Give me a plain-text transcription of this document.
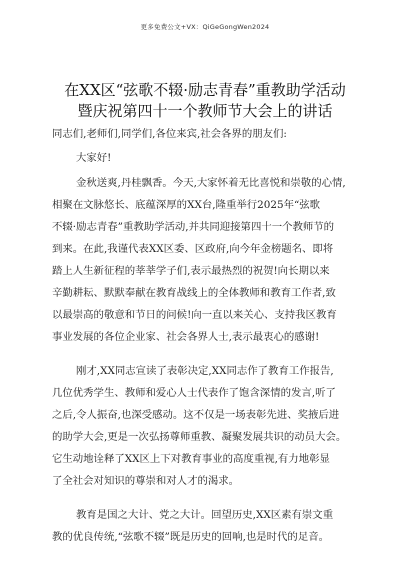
更多免费公文+VX：QiGeGongWen2024
在XX区“弦歌不辍·励志青春”重教助学活动
暨庆祝第四十一个教师节大会上的讲话
同志们,老师们,同学们,各位来宾,社会各界的朋友们:
大家好!
金秋送爽,丹桂飘香。今天,大家怀着无比喜悦和崇敬的心情,
相聚在文脉悠长、底蕴深厚的XX台,隆重举行2025年“弦歌
不辍·励志青春”重教助学活动,并共同迎接第四十一个教师节的
到来。在此,我谨代表XX区委、区政府,向今年金榜题名、即将
踏上人生新征程的莘莘学子们,表示最热烈的祝贺!向长期以来
辛勤耕耘、默默奉献在教育战线上的全体教师和教育工作者,致
以最崇高的敬意和节日的问候!向一直以来关心、支持我区教育
事业发展的各位企业家、社会各界人士,表示最衷心的感谢!
刚才,XX同志宣读了表彰决定,XX同志作了教育工作报告,
几位优秀学生、教师和爱心人士代表作了饱含深情的发言,听了
之后,令人振奋,也深受感动。这不仅是一场表彰先进、奖掖后进
的助学大会,更是一次弘扬尊师重教、凝聚发展共识的动员大会。
它生动地诠释了XX区上下对教育事业的高度重视,有力地彰显
了全社会对知识的尊崇和对人才的渴求。
教育是国之大计、党之大计。回望历史,XX区素有崇文重
教的优良传统,“弦歌不辍”既是历史的回响,也是时代的足音。
